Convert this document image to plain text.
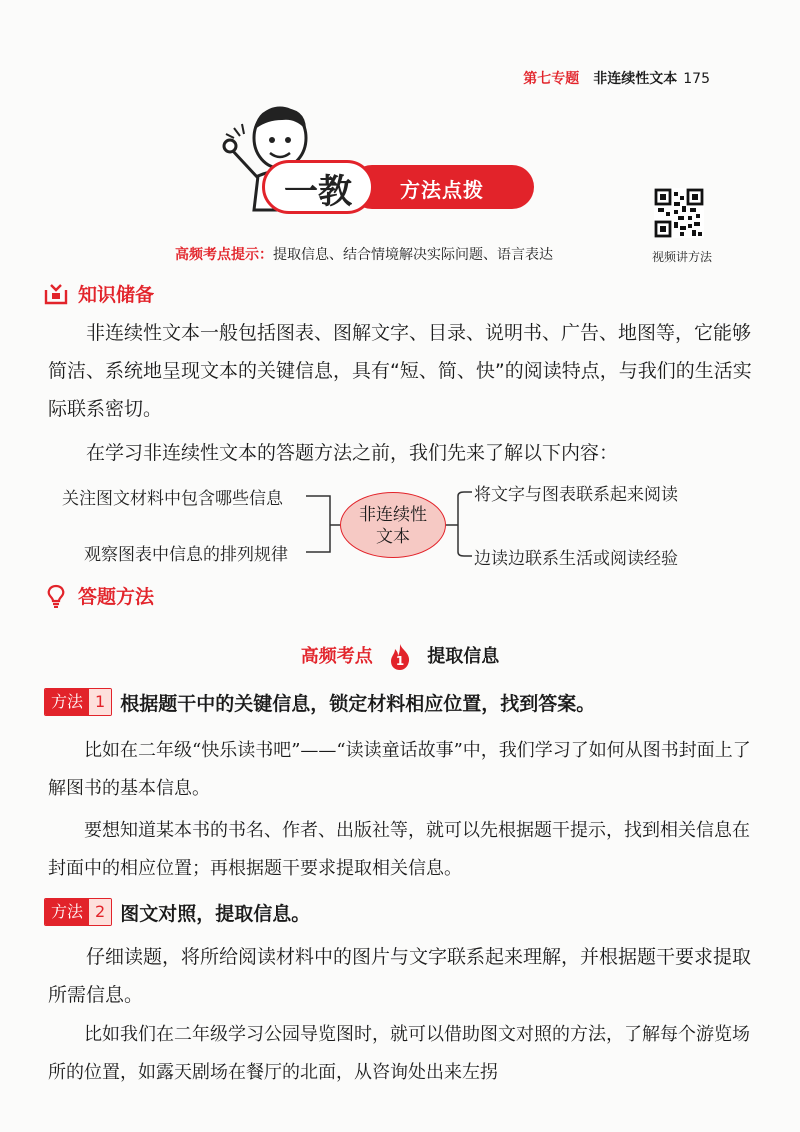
第七专题 非连续性文本 175
一教 方法点拨
视频讲方法
高频考点提示：提取信息、结合情境解决实际问题、语言表达
知识储备
非连续性文本一般包括图表、图解文字、目录、说明书、广告、地图等，它能够简洁、系统地呈现文本的关键信息，具有“短、简、快”的阅读特点，与我们的生活实际联系密切。
在学习非连续性文本的答题方法之前，我们先来了解以下内容：
关注图文材料中包含哪些信息
观察图表中信息的排列规律
非连续性
文本
将文字与图表联系起来阅读
边读边联系生活或阅读经验
答题方法
高频考点 1 提取信息
方法 1 根据题干中的关键信息，锁定材料相应位置，找到答案。
比如在二年级“快乐读书吧”——“读读童话故事”中，我们学习了如何从图书封面上了解图书的基本信息。
要想知道某本书的书名、作者、出版社等，就可以先根据题干提示，找到相关信息在封面中的相应位置；再根据题干要求提取相关信息。
方法 2 图文对照，提取信息。
仔细读题，将所给阅读材料中的图片与文字联系起来理解，并根据题干要求提取所需信息。
比如我们在二年级学习公园导览图时，就可以借助图文对照的方法，了解每个游览场所的位置，如露天剧场在餐厅的北面，从咨询处出来左拐
